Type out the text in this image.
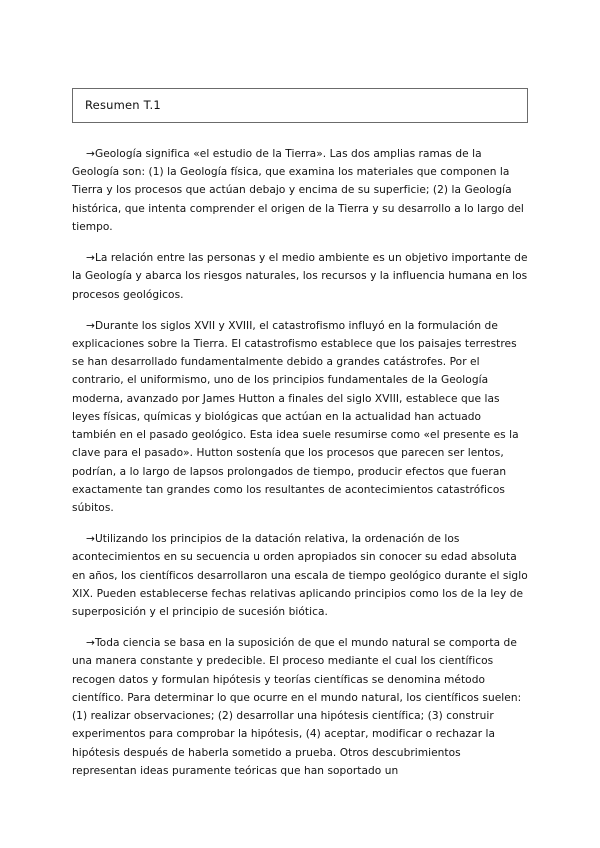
Resumen T.1

→Geología significa «el estudio de la Tierra». Las dos amplias ramas de la Geología son: (1) la Geología física, que examina los materiales que componen la Tierra y los procesos que actúan debajo y encima de su superficie; (2) la Geología histórica, que intenta comprender el origen de la Tierra y su desarrollo a lo largo del tiempo.

→La relación entre las personas y el medio ambiente es un objetivo importante de la Geología y abarca los riesgos naturales, los recursos y la influencia humana en los procesos geológicos.

→Durante los siglos XVII y XVIII, el catastrofismo influyó en la formulación de explicaciones sobre la Tierra. El catastrofismo establece que los paisajes terrestres se han desarrollado fundamentalmente debido a grandes catástrofes. Por el contrario, el uniformismo, uno de los principios fundamentales de la Geología moderna, avanzado por James Hutton a finales del siglo XVIII, establece que las leyes físicas, químicas y biológicas que actúan en la actualidad han actuado también en el pasado geológico. Esta idea suele resumirse como «el presente es la clave para el pasado». Hutton sostenía que los procesos que parecen ser lentos, podrían, a lo largo de lapsos prolongados de tiempo, producir efectos que fueran exactamente tan grandes como los resultantes de acontecimientos catastróficos súbitos.

→Utilizando los principios de la datación relativa, la ordenación de los acontecimientos en su secuencia u orden apropiados sin conocer su edad absoluta en años, los científicos desarrollaron una escala de tiempo geológico durante el siglo XIX. Pueden establecerse fechas relativas aplicando principios como los de la ley de superposición y el principio de sucesión biótica.

→Toda ciencia se basa en la suposición de que el mundo natural se comporta de una manera constante y predecible. El proceso mediante el cual los científicos recogen datos y formulan hipótesis y teorías científicas se denomina método científico. Para determinar lo que ocurre en el mundo natural, los científicos suelen: (1) realizar observaciones; (2) desarrollar una hipótesis científica; (3) construir experimentos para comprobar la hipótesis, (4) aceptar, modificar o rechazar la hipótesis después de haberla sometido a prueba. Otros descubrimientos representan ideas puramente teóricas que han soportado un
